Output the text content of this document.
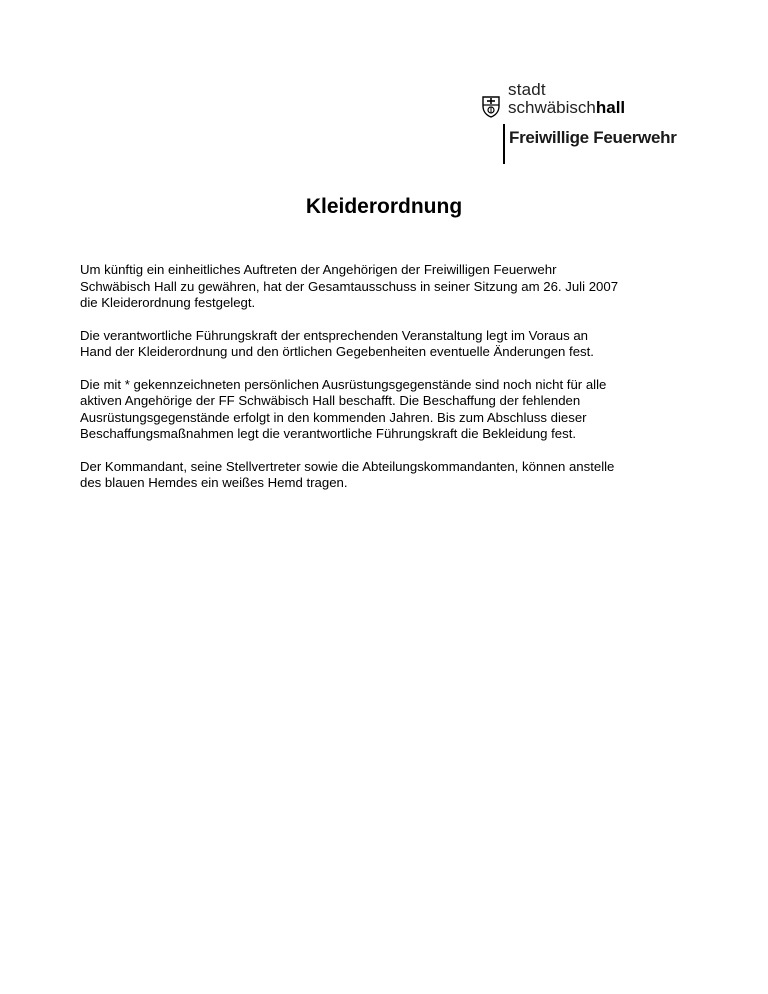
stadt
schwäbischhall
Freiwillige Feuerwehr
Kleiderordnung

Um künftig ein einheitliches Auftreten der Angehörigen der Freiwilligen Feuerwehr
Schwäbisch Hall zu gewähren, hat der Gesamtausschuss in seiner Sitzung am 26. Juli 2007
die Kleiderordnung festgelegt.

Die verantwortliche Führungskraft der entsprechenden Veranstaltung legt im Voraus an
Hand der Kleiderordnung und den örtlichen Gegebenheiten eventuelle Änderungen fest.

Die mit * gekennzeichneten persönlichen Ausrüstungsgegenstände sind noch nicht für alle
aktiven Angehörige der FF Schwäbisch Hall beschafft. Die Beschaffung der fehlenden
Ausrüstungsgegenstände erfolgt in den kommenden Jahren. Bis zum Abschluss dieser
Beschaffungsmaßnahmen legt die verantwortliche Führungskraft die Bekleidung fest.

Der Kommandant, seine Stellvertreter sowie die Abteilungskommandanten, können anstelle
des blauen Hemdes ein weißes Hemd tragen.
